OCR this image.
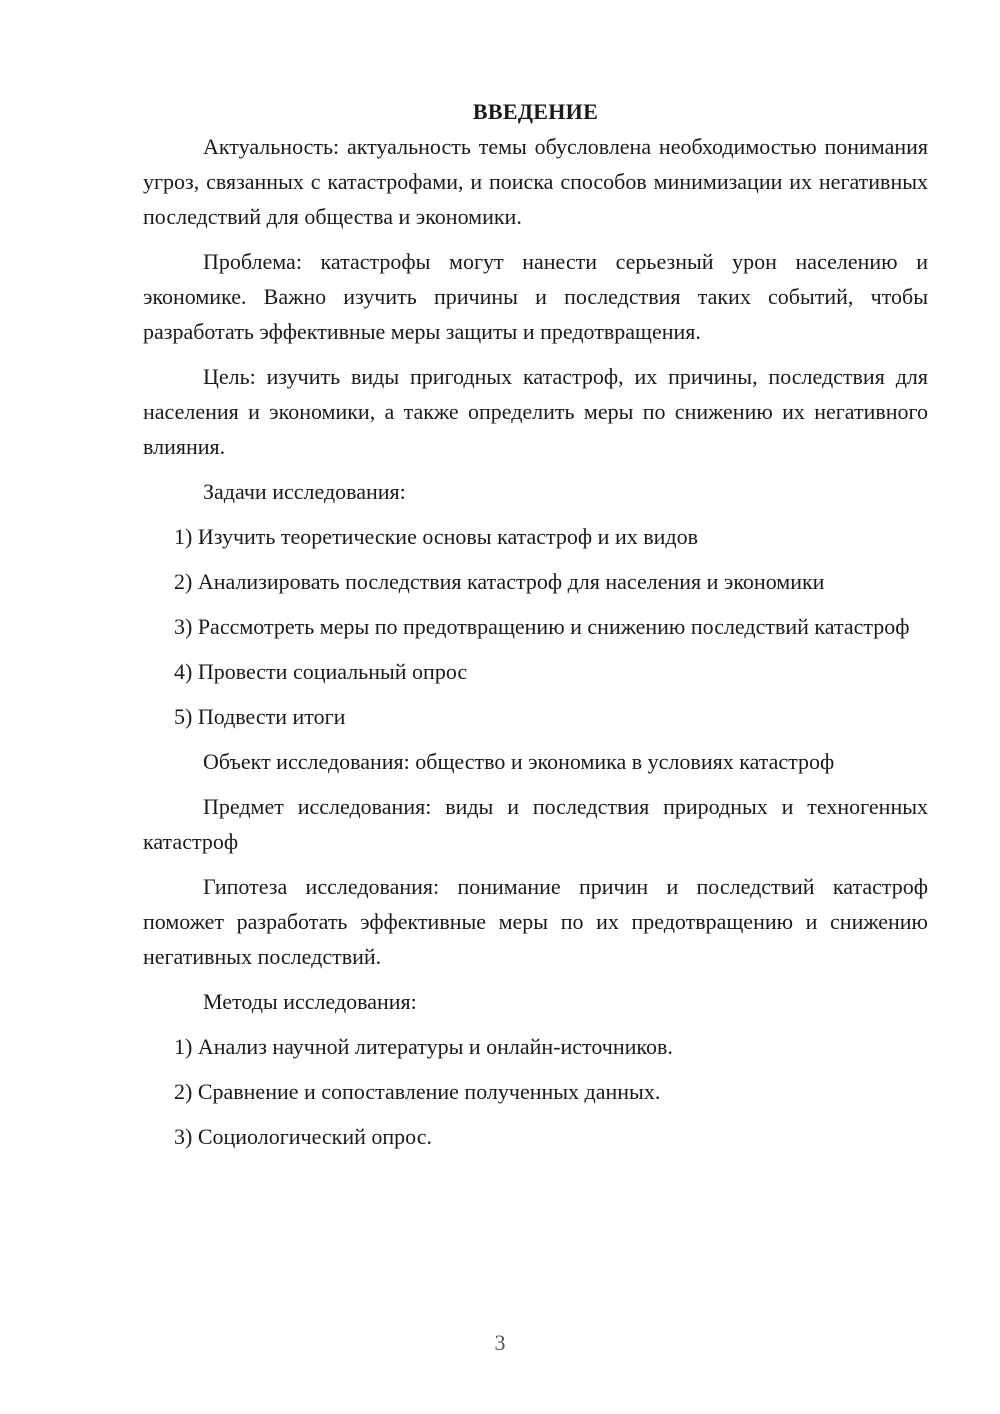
ВВЕДЕНИЕ

Актуальность: актуальность темы обусловлена необходимостью понимания угроз, связанных с катастрофами, и поиска способов минимизации их негативных последствий для общества и экономики.

Проблема: катастрофы могут нанести серьезный урон населению и экономике. Важно изучить причины и последствия таких событий, чтобы разработать эффективные меры защиты и предотвращения.

Цель: изучить виды пригодных катастроф, их причины, последствия для населения и экономики, а также определить меры по снижению их негативного влияния.

Задачи исследования:

1) Изучить теоретические основы катастроф и их видов

2) Анализировать последствия катастроф для населения и экономики

3) Рассмотреть меры по предотвращению и снижению последствий катастроф

4) Провести социальный опрос

5) Подвести итоги

Объект исследования: общество и экономика в условиях катастроф

Предмет исследования: виды и последствия природных и техногенных катастроф

Гипотеза исследования: понимание причин и последствий катастроф поможет разработать эффективные меры по их предотвращению и снижению негативных последствий.

Методы исследования:

1) Анализ научной литературы и онлайн-источников.

2) Сравнение и сопоставление полученных данных.

3) Социологический опрос.

3
